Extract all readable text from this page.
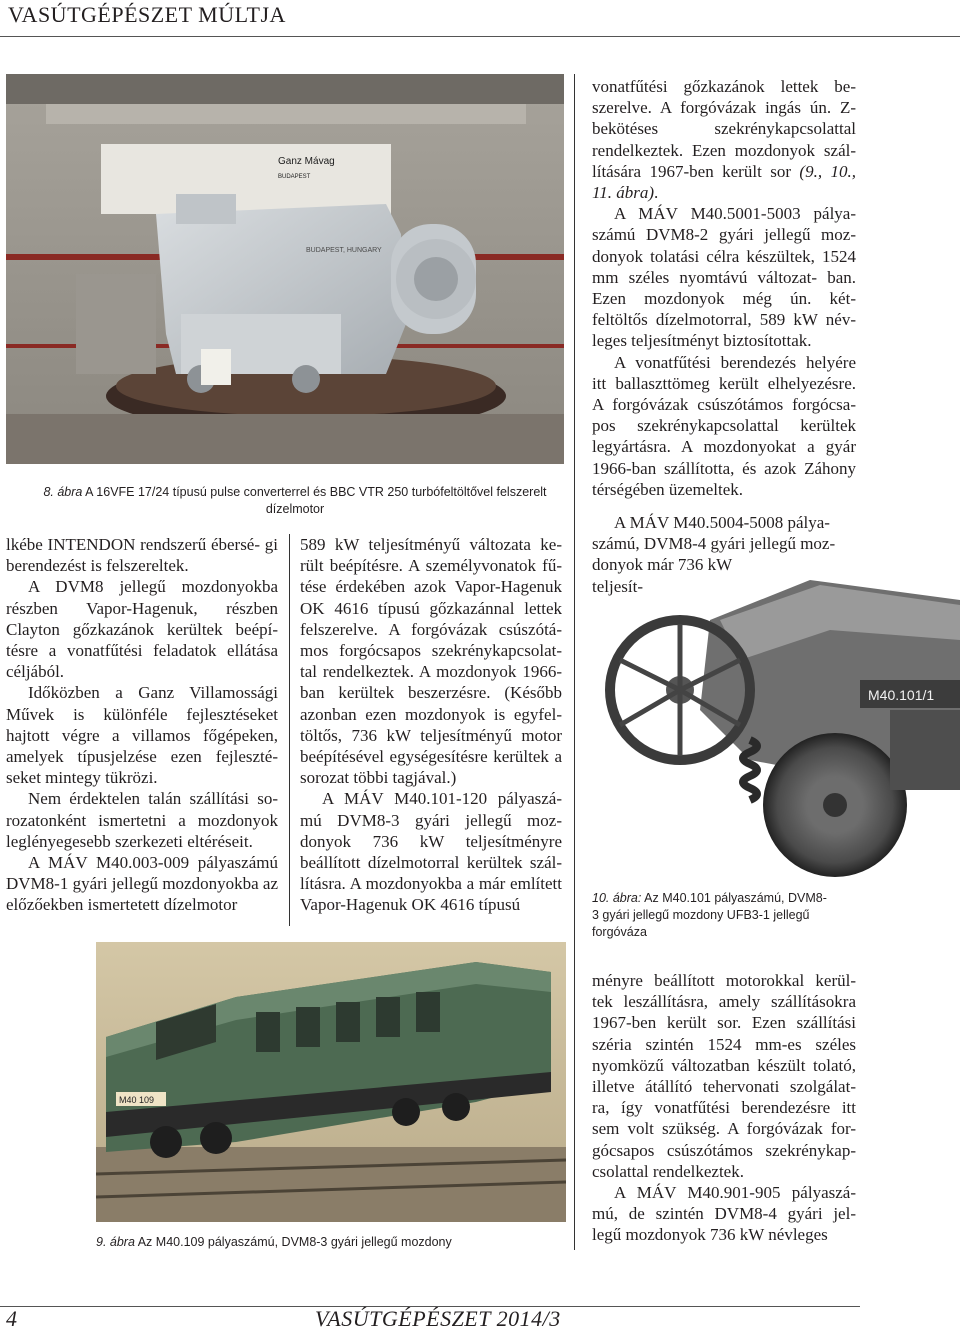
VASÚTGÉPÉSZET MÚLTJA
Ganz Mávag
BUDAPEST
BUDAPEST, HUNGARY
8. ábra A 16VFE 17/24 típusú pulse converterrel és BBC VTR 250 turbófeltöltővel felszerelt
dízelmotor

lkébe INTENDON rendszerű ébersé- gi berendezést is felszereltek.

A DVM8 jellegű mozdonyokba részben Vapor-Hagenuk, részben Clayton gőzkazánok kerültek beépí- tésre a vonatfűtési feladatok ellátása céljából.

Időközben a Ganz Villamossági Művek is különféle fejlesztéseket hajtott végre a villamos főgépeken, amelyek típusjelzése ezen fejleszté- seket mintegy tükrözi.

Nem érdektelen talán szállítási so- rozatonként ismertetni a mozdonyok leglényegesebb szerkezeti eltéréseit.

A MÁV M40.003-009 pályaszámú DVM8-1 gyári jellegű mozdonyokba az előzőekben ismertetett dízelmotor

589 kW teljesítményű változata ke- rült beépítésre. A személyvonatok fű- tése érdekében azok Vapor-Hagenuk OK 4616 típusú gőzkazánnal lettek felszerelve. A forgóvázak csúszótá- mos forgócsapos szekrénykapcsolat- tal rendelkeztek. A mozdonyok 1966- ban kerültek beszerzésre. (Később azonban ezen mozdonyok is egyfel- töltős, 736 kW teljesítményű motor beépítésével egységesítésre kerültek a sorozat többi tagjával.)

A MÁV M40.101-120 pályaszá- mú DVM8-3 gyári jellegű moz- donyok 736 kW teljesítményre beállított dízelmotorral kerültek szál- lításra. A mozdonyokba a már említett Vapor-Hagenuk OK 4616 típusú

vonatfűtési gőzkazánok lettek be- szerelve. A forgóvázak ingás ún. Z-bekötéses szekrénykapcsolattal rendelkeztek. Ezen mozdonyok szál- lítására 1967-ben került sor (9., 10., 11. ábra).

A MÁV M40.5001-5003 pálya- számú DVM8-2 gyári jellegű moz- donyok tolatási célra készültek, 1524 mm széles nyomtávú változat- ban. Ezen mozdonyok még ún. két- feltöltős dízelmotorral, 589 kW név- leges teljesítményt biztosítottak.

A vonatfűtési berendezés helyére itt ballaszttömeg került elhelyezésre. A forgóvázak csúszótámos forgócsa- pos szekrénykapcsolattal kerültek legyártásra. A mozdonyokat a gyár 1966-ban szállította, és azok Záhony térségében üzemeltek.

A MÁV M40.5004-5008 pálya-
számú, DVM8-4 gyári jellegű moz-
donyok már 736 kW

teljesít-

M40.101/1
10. ábra: Az M40.101 pályaszámú, DVM8-
3 gyári jellegű mozdony UFB3-1 jellegű
forgóváza

ményre beállított motorokkal kerül- tek leszállításra, amely szállításokra 1967-ben került sor. Ezen szállítási széria szintén 1524 mm-es széles nyomközű változatban készült tolató, illetve átállító tehervonati szolgálat- ra, így vonatfűtési berendezésre itt sem volt szükség. A forgóvázak for- gócsapos csúszótámos szekrénykap- csolattal rendelkeztek.

A MÁV M40.901-905 pályaszá- mú, de szintén DVM8-4 gyári jel- legű mozdonyok 736 kW névleges

M40 109
9. ábra Az M40.109 pályaszámú, DVM8-3 gyári jellegű mozdony
4	VASÚTGÉPÉSZET 2014/3
